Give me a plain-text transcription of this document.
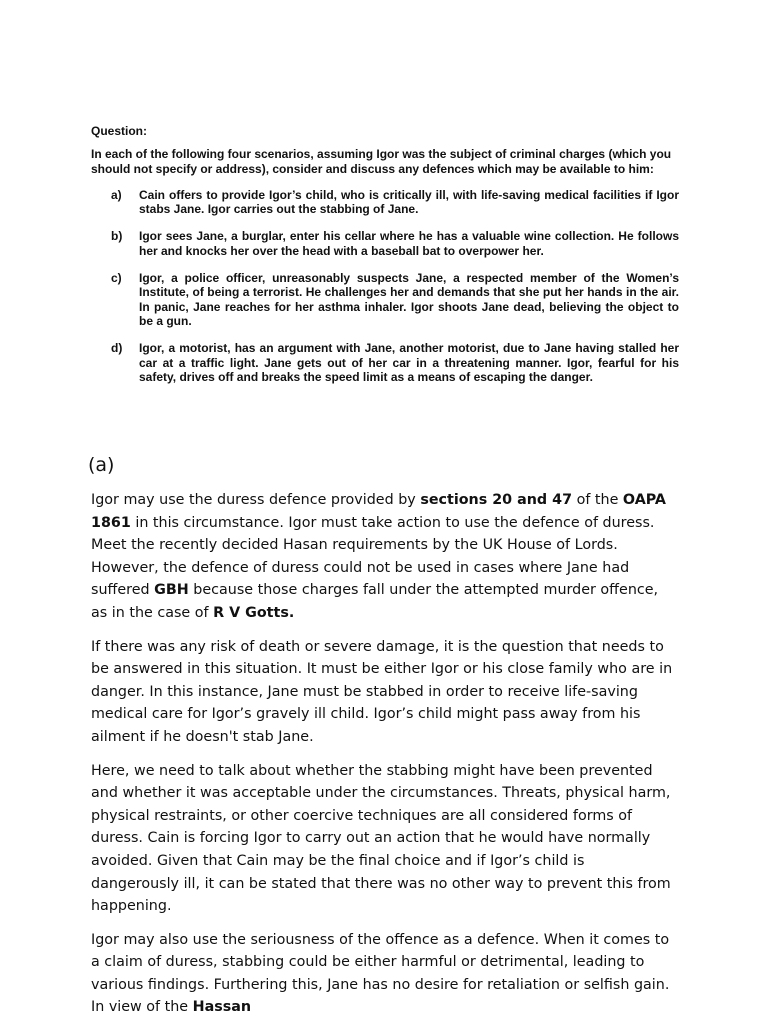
Question:
In each of the following four scenarios, assuming Igor was the subject of criminal charges (which you should not specify or address), consider and discuss any defences which may be available to him:
a)	Cain offers to provide Igor’s child, who is critically ill, with life-saving medical facilities if Igor stabs Jane. Igor carries out the stabbing of Jane.
b)	Igor sees Jane, a burglar, enter his cellar where he has a valuable wine collection. He follows her and knocks her over the head with a baseball bat to overpower her.
c)	Igor, a police officer, unreasonably suspects Jane, a respected member of the Women’s Institute, of being a terrorist. He challenges her and demands that she put her hands in the air. In panic, Jane reaches for her asthma inhaler. Igor shoots Jane dead, believing the object to be a gun.
d)	Igor, a motorist, has an argument with Jane, another motorist, due to Jane having stalled her car at a traffic light. Jane gets out of her car in a threatening manner. Igor, fearful for his safety, drives off and breaks the speed limit as a means of escaping the danger.
(a)

Igor may use the duress defence provided by sections 20 and 47 of the OAPA 1861 in this circumstance. Igor must take action to use the defence of duress. Meet the recently decided Hasan requirements by the UK House of Lords. However, the defence of duress could not be used in cases where Jane had suffered GBH because those charges fall under the attempted murder offence, as in the case of R V Gotts.

If there was any risk of death or severe damage, it is the question that needs to be answered in this situation. It must be either Igor or his close family who are in danger. In this instance, Jane must be stabbed in order to receive life-saving medical care for Igor’s gravely ill child. Igor’s child might pass away from his ailment if he doesn't stab Jane.

Here, we need to talk about whether the stabbing might have been prevented and whether it was acceptable under the circumstances. Threats, physical harm, physical restraints, or other coercive techniques are all considered forms of duress. Cain is forcing Igor to carry out an action that he would have normally avoided. Given that Cain may be the final choice and if Igor’s child is dangerously ill, it can be stated that there was no other way to prevent this from happening.

Igor may also use the seriousness of the offence as a defence. When it comes to a claim of duress, stabbing could be either harmful or detrimental, leading to various findings. Furthering this, Jane has no desire for retaliation or selfish gain. In view of the Hassan
